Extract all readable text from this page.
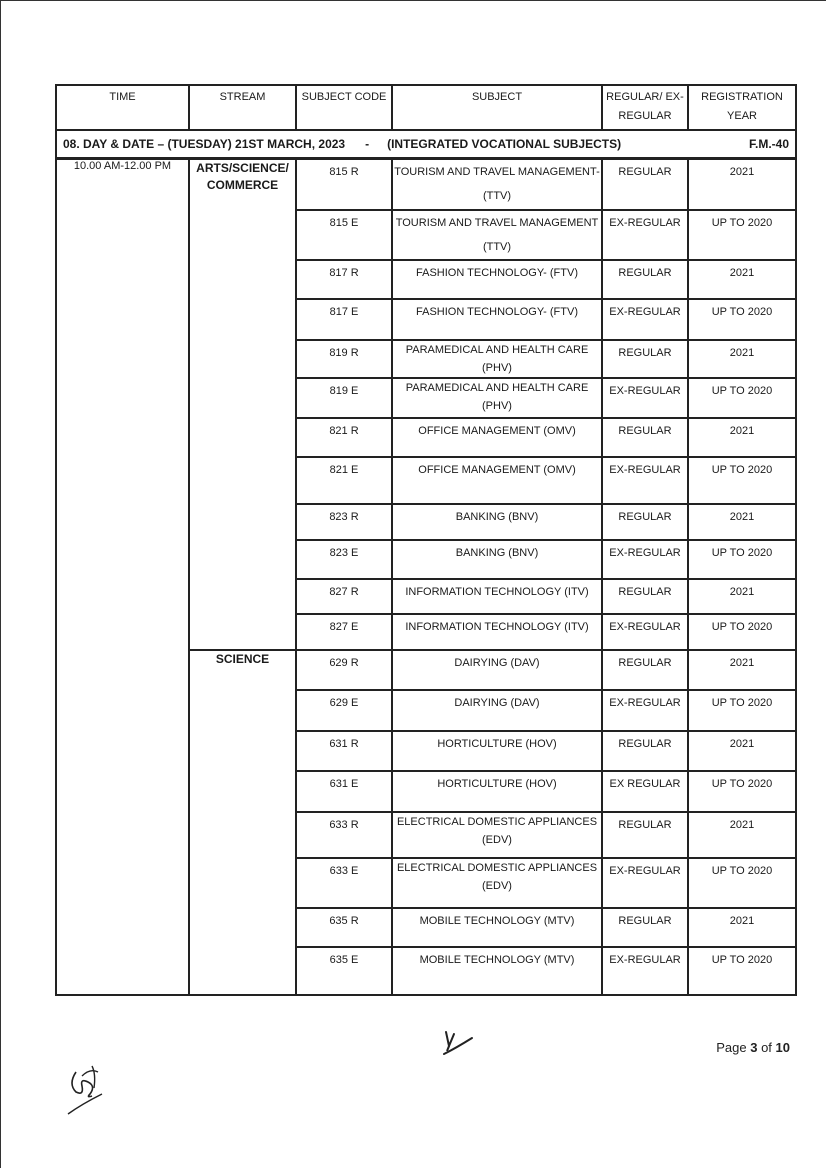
TIME	STREAM	SUBJECT CODE	SUBJECT	REGULAR/ EX-REGULAR	REGISTRATION YEAR
08. DAY & DATE – (TUESDAY) 21ST MARCH, 2023 - (INTEGRATED VOCATIONAL SUBJECTS) F.M.-40					

10.00 AM-12.00 PM	ARTS/SCIENCE/ COMMERCE	815 R	TOURISM AND TRAVEL MANAGEMENT- (TTV)	REGULAR	2021
		815 E	TOURISM AND TRAVEL MANAGEMENT (TTV)	EX-REGULAR	UP TO 2020
		817 R	FASHION TECHNOLOGY- (FTV)	REGULAR	2021
		817 E	FASHION TECHNOLOGY- (FTV)	EX-REGULAR	UP TO 2020
		819 R	PARAMEDICAL AND HEALTH CARE (PHV)	REGULAR	2021
		819 E	PARAMEDICAL AND HEALTH CARE (PHV)	EX-REGULAR	UP TO 2020
		821 R	OFFICE MANAGEMENT (OMV)	REGULAR	2021
		821 E	OFFICE MANAGEMENT (OMV)	EX-REGULAR	UP TO 2020
		823 R	BANKING (BNV)	REGULAR	2021
		823 E	BANKING (BNV)	EX-REGULAR	UP TO 2020
		827 R	INFORMATION TECHNOLOGY (ITV)	REGULAR	2021
		827 E	INFORMATION TECHNOLOGY (ITV)	EX-REGULAR	UP TO 2020
	SCIENCE	629 R	DAIRYING (DAV)	REGULAR	2021
		629 E	DAIRYING (DAV)	EX-REGULAR	UP TO 2020
		631 R	HORTICULTURE (HOV)	REGULAR	2021
		631 E	HORTICULTURE (HOV)	EX REGULAR	UP TO 2020
		633 R	ELECTRICAL DOMESTIC APPLIANCES (EDV)	REGULAR	2021
		633 E	ELECTRICAL DOMESTIC APPLIANCES (EDV)	EX-REGULAR	UP TO 2020
		635 R	MOBILE TECHNOLOGY (MTV)	REGULAR	2021
		635 E	MOBILE TECHNOLOGY (MTV)	EX-REGULAR	UP TO 2020
Page 3 of 10
